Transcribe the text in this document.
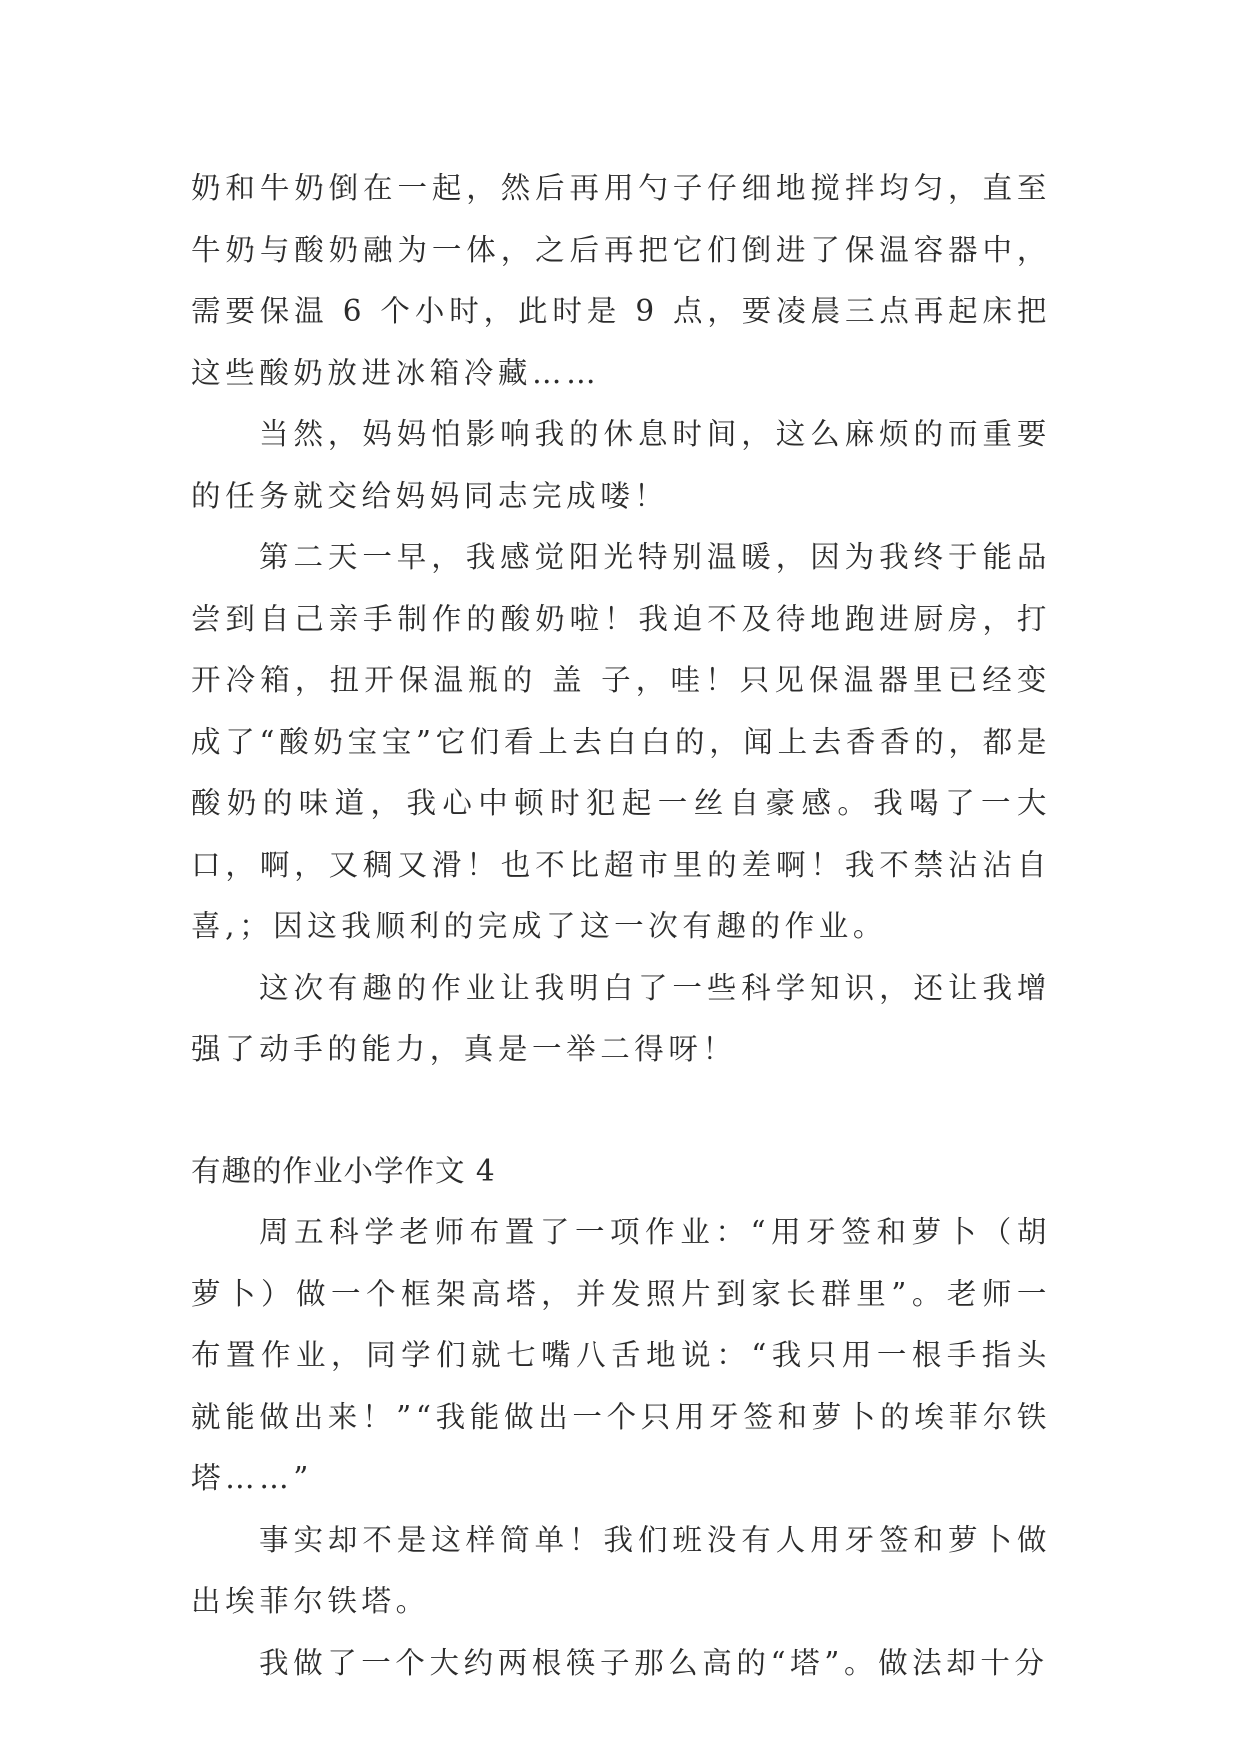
奶和牛奶倒在一起，然后再用勺子仔细地搅拌均匀，直至牛奶与酸奶融为一体，之后再把它们倒进了保温容器中，需要保温 6 个小时，此时是 9 点，要凌晨三点再起床把这些酸奶放进冰箱冷藏……

当然，妈妈怕影响我的休息时间，这么麻烦的而重要的任务就交给妈妈同志完成喽！

第二天一早，我感觉阳光特别温暖，因为我终于能品尝到自己亲手制作的酸奶啦！我迫不及待地跑进厨房，打开冷箱，扭开保温瓶的 盖 子，哇！只见保温器里已经变成了“酸奶宝宝”它们看上去白白的，闻上去香香的，都是酸奶的味道，我心中顿时犯起一丝自豪感。我喝了一大口，啊，又稠又滑！也不比超市里的差啊！我不禁沾沾自喜,；因这我顺利的完成了这一次有趣的作业。

这次有趣的作业让我明白了一些科学知识，还让我增强了动手的能力，真是一举二得呀！

有趣的作业小学作文 4

周五科学老师布置了一项作业：“用牙签和萝卜（胡萝卜）做一个框架高塔，并发照片到家长群里”。老师一布置作业，同学们就七嘴八舌地说：“我只用一根手指头就能做出来！”“我能做出一个只用牙签和萝卜的埃菲尔铁塔……”

事实却不是这样简单！我们班没有人用牙签和萝卜做出埃菲尔铁塔。

我做了一个大约两根筷子那么高的“塔”。做法却十分
